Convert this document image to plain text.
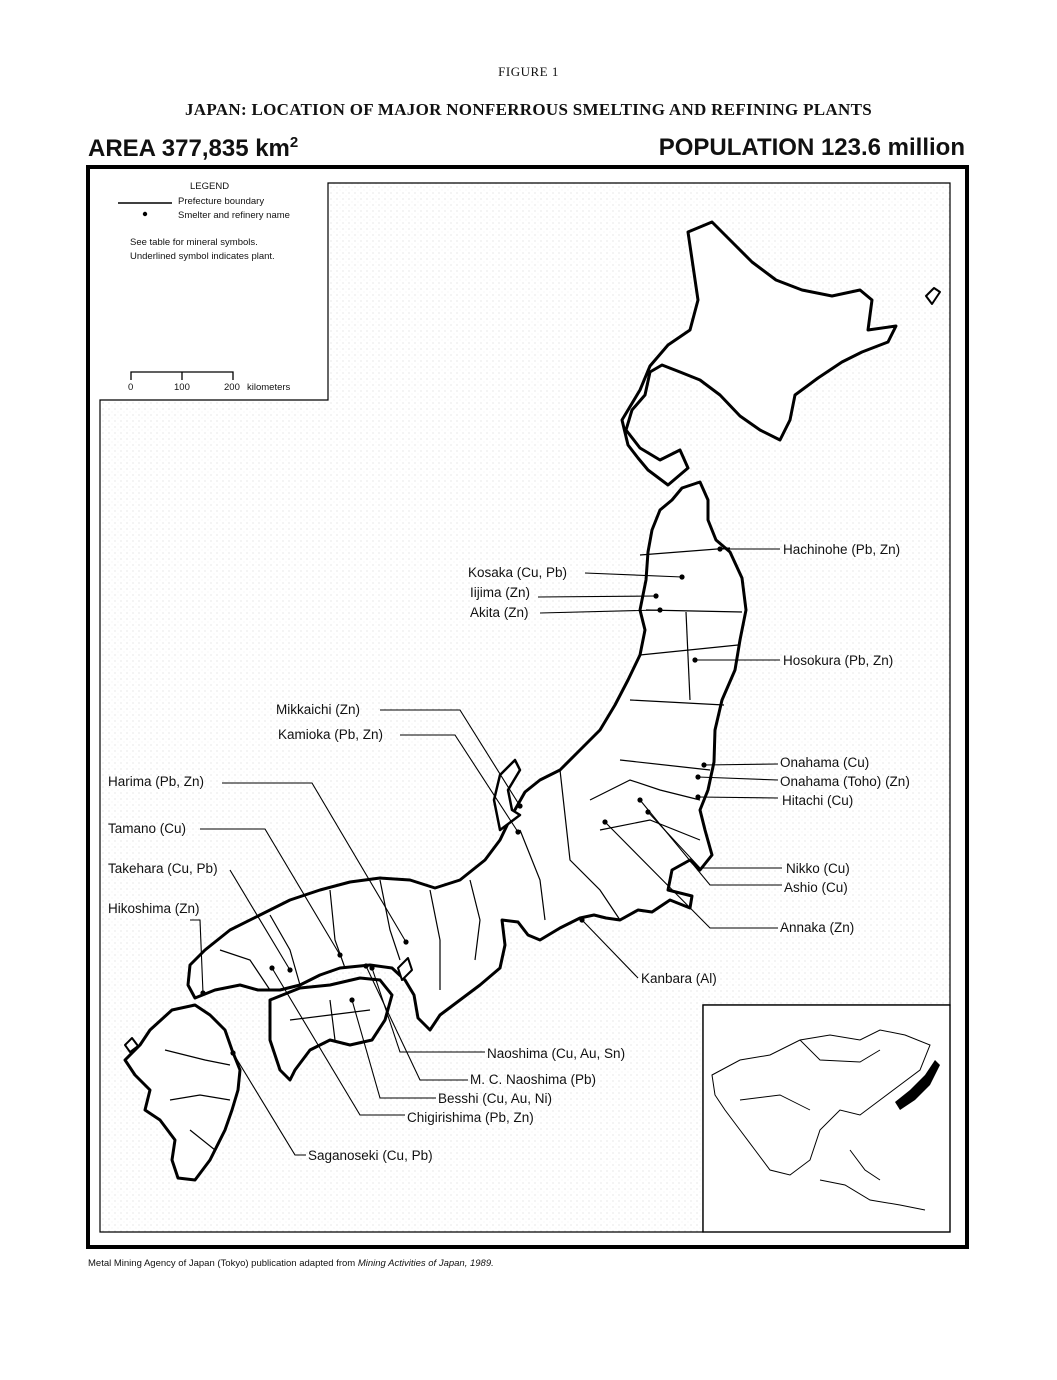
FIGURE 1
JAPAN: LOCATION OF MAJOR NONFERROUS SMELTING AND REFINING PLANTS
AREA 377,835 $km^2$	POPULATION 123.6 million
LEGEND
Prefecture boundary
Smelter and refinery name
See table for mineral symbols.
Underlined symbol indicates plant.
0	100	200 kilometers
Hachinohe (Pb, Zn)
Kosaka (Cu, Pb)
Iijima (Zn)
Akita (Zn)
Hosokura (Pb, Zn)
Mikkaichi (Zn)
Kamioka (Pb, Zn)
Harima (Pb, Zn)
Onahama (Cu)
Onahama (Toho) (Zn)
Hitachi (Cu)
Tamano (Cu)
Takehara (Cu, Pb)	Nikko (Cu)
Ashio (Cu)
Hikoshima (Zn)
Annaka (Zn)
Kanbara (Al)
Naoshima (Cu, Au, Sn)
M. C. Naoshima (Pb)
Besshi (Cu, Au, Ni)
Chigirishima (Pb, Zn)
Saganoseki (Cu, Pb)
Metal Mining Agency of Japan (Tokyo) publication adapted from Mining Activities of Japan, 1989.
